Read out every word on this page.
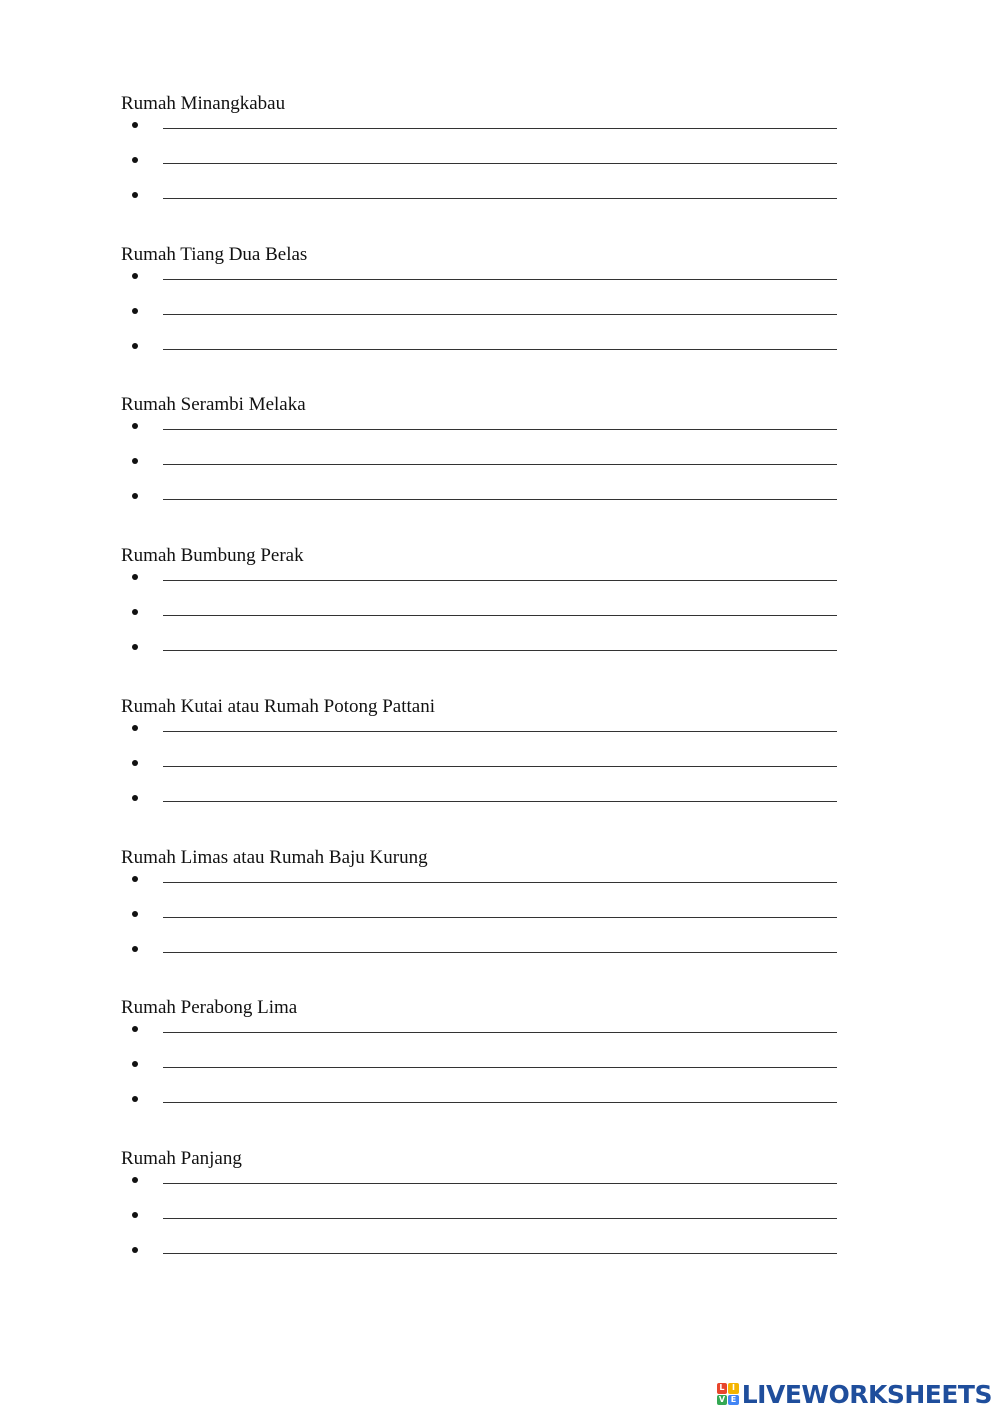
Rumah Minangkabau

Rumah Tiang Dua Belas

Rumah Serambi Melaka

Rumah Bumbung Perak

Rumah Kutai atau Rumah Potong Pattani

Rumah Limas atau Rumah Baju Kurung

Rumah Perabong Lima

Rumah Panjang

L I
V E LIVEWORKSHEETS
